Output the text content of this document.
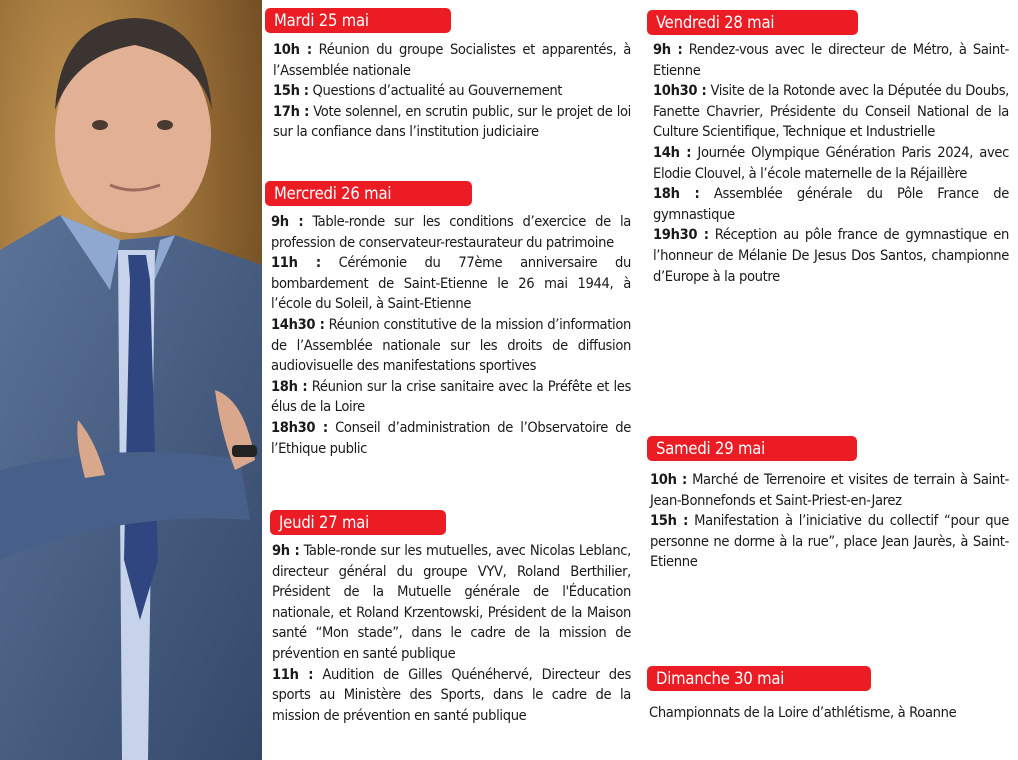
Mardi 25 mai
10h : Réunion du groupe Socialistes et apparentés, à l’Assemblée nationale
15h : Questions d’actualité au Gouvernement
17h : Vote solennel, en scrutin public, sur le projet de loi sur la confiance dans l’institution judiciaire
Mercredi 26 mai
9h : Table-ronde sur les conditions d’exercice de la profession de conservateur-restaurateur du patrimoine
11h : Cérémonie du 77ème anniversaire du bombardement de Saint-Etienne le 26 mai 1944, à l’école du Soleil, à Saint-Etienne
14h30 : Réunion constitutive de la mission d’information de l’Assemblée nationale sur les droits de diffusion audiovisuelle des manifestations sportives
18h : Réunion sur la crise sanitaire avec la Préfête et les élus de la Loire
18h30 : Conseil d’administration de l’Observatoire de l’Ethique public
Jeudi 27 mai
9h : Table-ronde sur les mutuelles, avec Nicolas Leblanc, directeur général du groupe VYV, Roland Berthilier, Président de la Mutuelle générale de l'Éducation nationale, et Roland Krzentowski, Président de la Maison santé “Mon stade”, dans le cadre de la mission de prévention en santé publique
11h : Audition de Gilles Quénéhervé, Directeur des sports au Ministère des Sports, dans le cadre de la mission de prévention en santé publique
Vendredi 28 mai
9h : Rendez-vous avec le directeur de Métro, à Saint-Etienne
10h30 : Visite de la Rotonde avec la Députée du Doubs, Fanette Chavrier, Présidente du Conseil National de la Culture Scientifique, Technique et Industrielle
14h : Journée Olympique Génération Paris 2024, avec Elodie Clouvel, à l’école maternelle de la Réjaillère
18h : Assemblée générale du Pôle France de gymnastique
19h30 : Réception au pôle france de gymnastique en l’honneur de Mélanie De Jesus Dos Santos, championne d’Europe à la poutre
Samedi 29 mai
10h : Marché de Terrenoire et visites de terrain à Saint-Jean-Bonnefonds et Saint-Priest-en-Jarez
15h : Manifestation à l’iniciative du collectif “pour que personne ne dorme à la rue”, place Jean Jaurès, à Saint-Etienne
Dimanche 30 mai
Championnats de la Loire d’athlétisme, à Roanne
